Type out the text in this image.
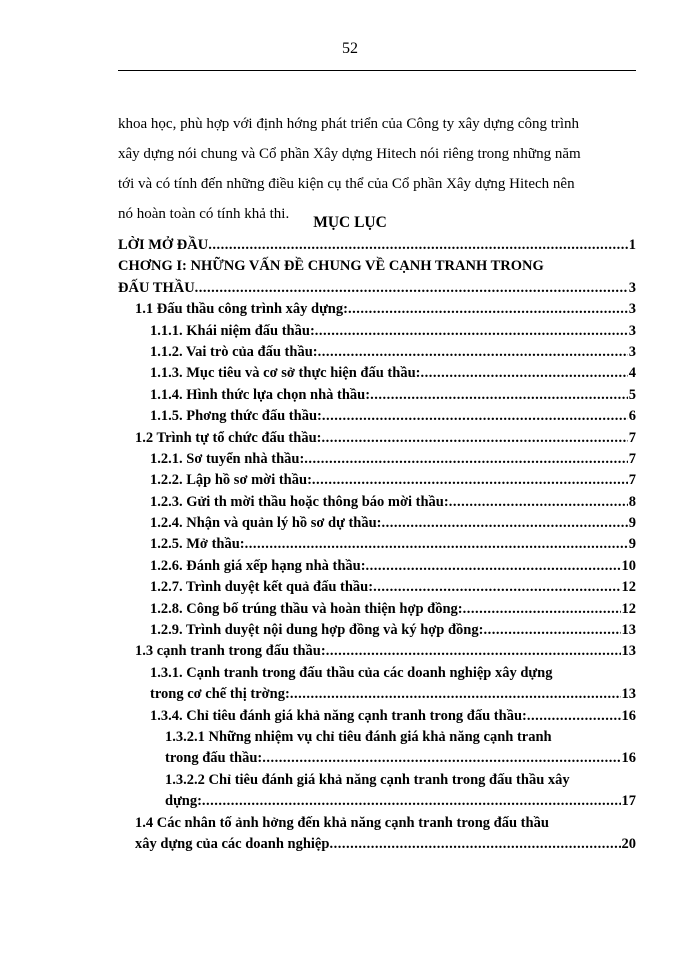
52
khoa học, phù hợp với định hớng phát triển của Công ty xây dựng công trình
xây dựng nói chung và Cổ phần Xây dựng Hitech nói riêng trong những năm
tới và có tính đến những điều kiện cụ thể của Cổ phần Xây dựng Hitech nên
nó hoàn toàn có tính khả thi.	MỤC LỤC
LỜI MỞ ĐẦU .....	1
CHƠNG I: NHỮNG VẤN ĐỀ CHUNG VỀ CẠNH TRANH TRONG
ĐẤU THẦU .....	3
1.1 Đấu thầu công trình xây dựng: .....	3
1.1.1. Khái niệm đấu thầu: .....	3
1.1.2. Vai trò của đấu thầu: .....	3
1.1.3. Mục tiêu và cơ sở thực hiện đấu thầu: .....	4
1.1.4. Hình thức lựa chọn nhà thầu: .....	5
1.1.5. Phơng thức đấu thầu: .....	6
1.2 Trình tự tổ chức đấu thầu: .....	7
1.2.1. Sơ tuyển nhà thầu: .....	7
1.2.2. Lập hồ sơ mời thầu: .....	7
1.2.3. Gửi th mời thầu hoặc thông báo mời thầu: .....	8
1.2.4. Nhận và quản lý hồ sơ dự thầu: .....	9
1.2.5. Mở thầu: .....	9
1.2.6. Đánh giá xếp hạng nhà thầu: .....	10
1.2.7. Trình duyệt kết quả đấu thầu: .....	12
1.2.8. Công bố trúng thầu và hoàn thiện hợp đồng: .....	12
1.2.9. Trình duyệt nội dung hợp đồng và ký hợp đồng: .....	13
1.3 cạnh tranh trong đấu thầu: .....	13
1.3.1. Cạnh tranh trong đấu thầu của các doanh nghiệp xây dựng
trong cơ chế thị trờng: .....	13
1.3.4. Chỉ tiêu đánh giá khả năng cạnh tranh trong đấu thầu: .....	16
1.3.2.1 Những nhiệm vụ chỉ tiêu đánh giá khả năng cạnh tranh
trong đấu thầu: .....	16
1.3.2.2 Chỉ tiêu đánh giá khả năng cạnh tranh trong đấu thầu xây
dựng: .....	17
1.4 Các nhân tố ảnh hởng đến khả năng cạnh tranh trong đấu thầu
xây dựng của các doanh nghiệp .....	20
